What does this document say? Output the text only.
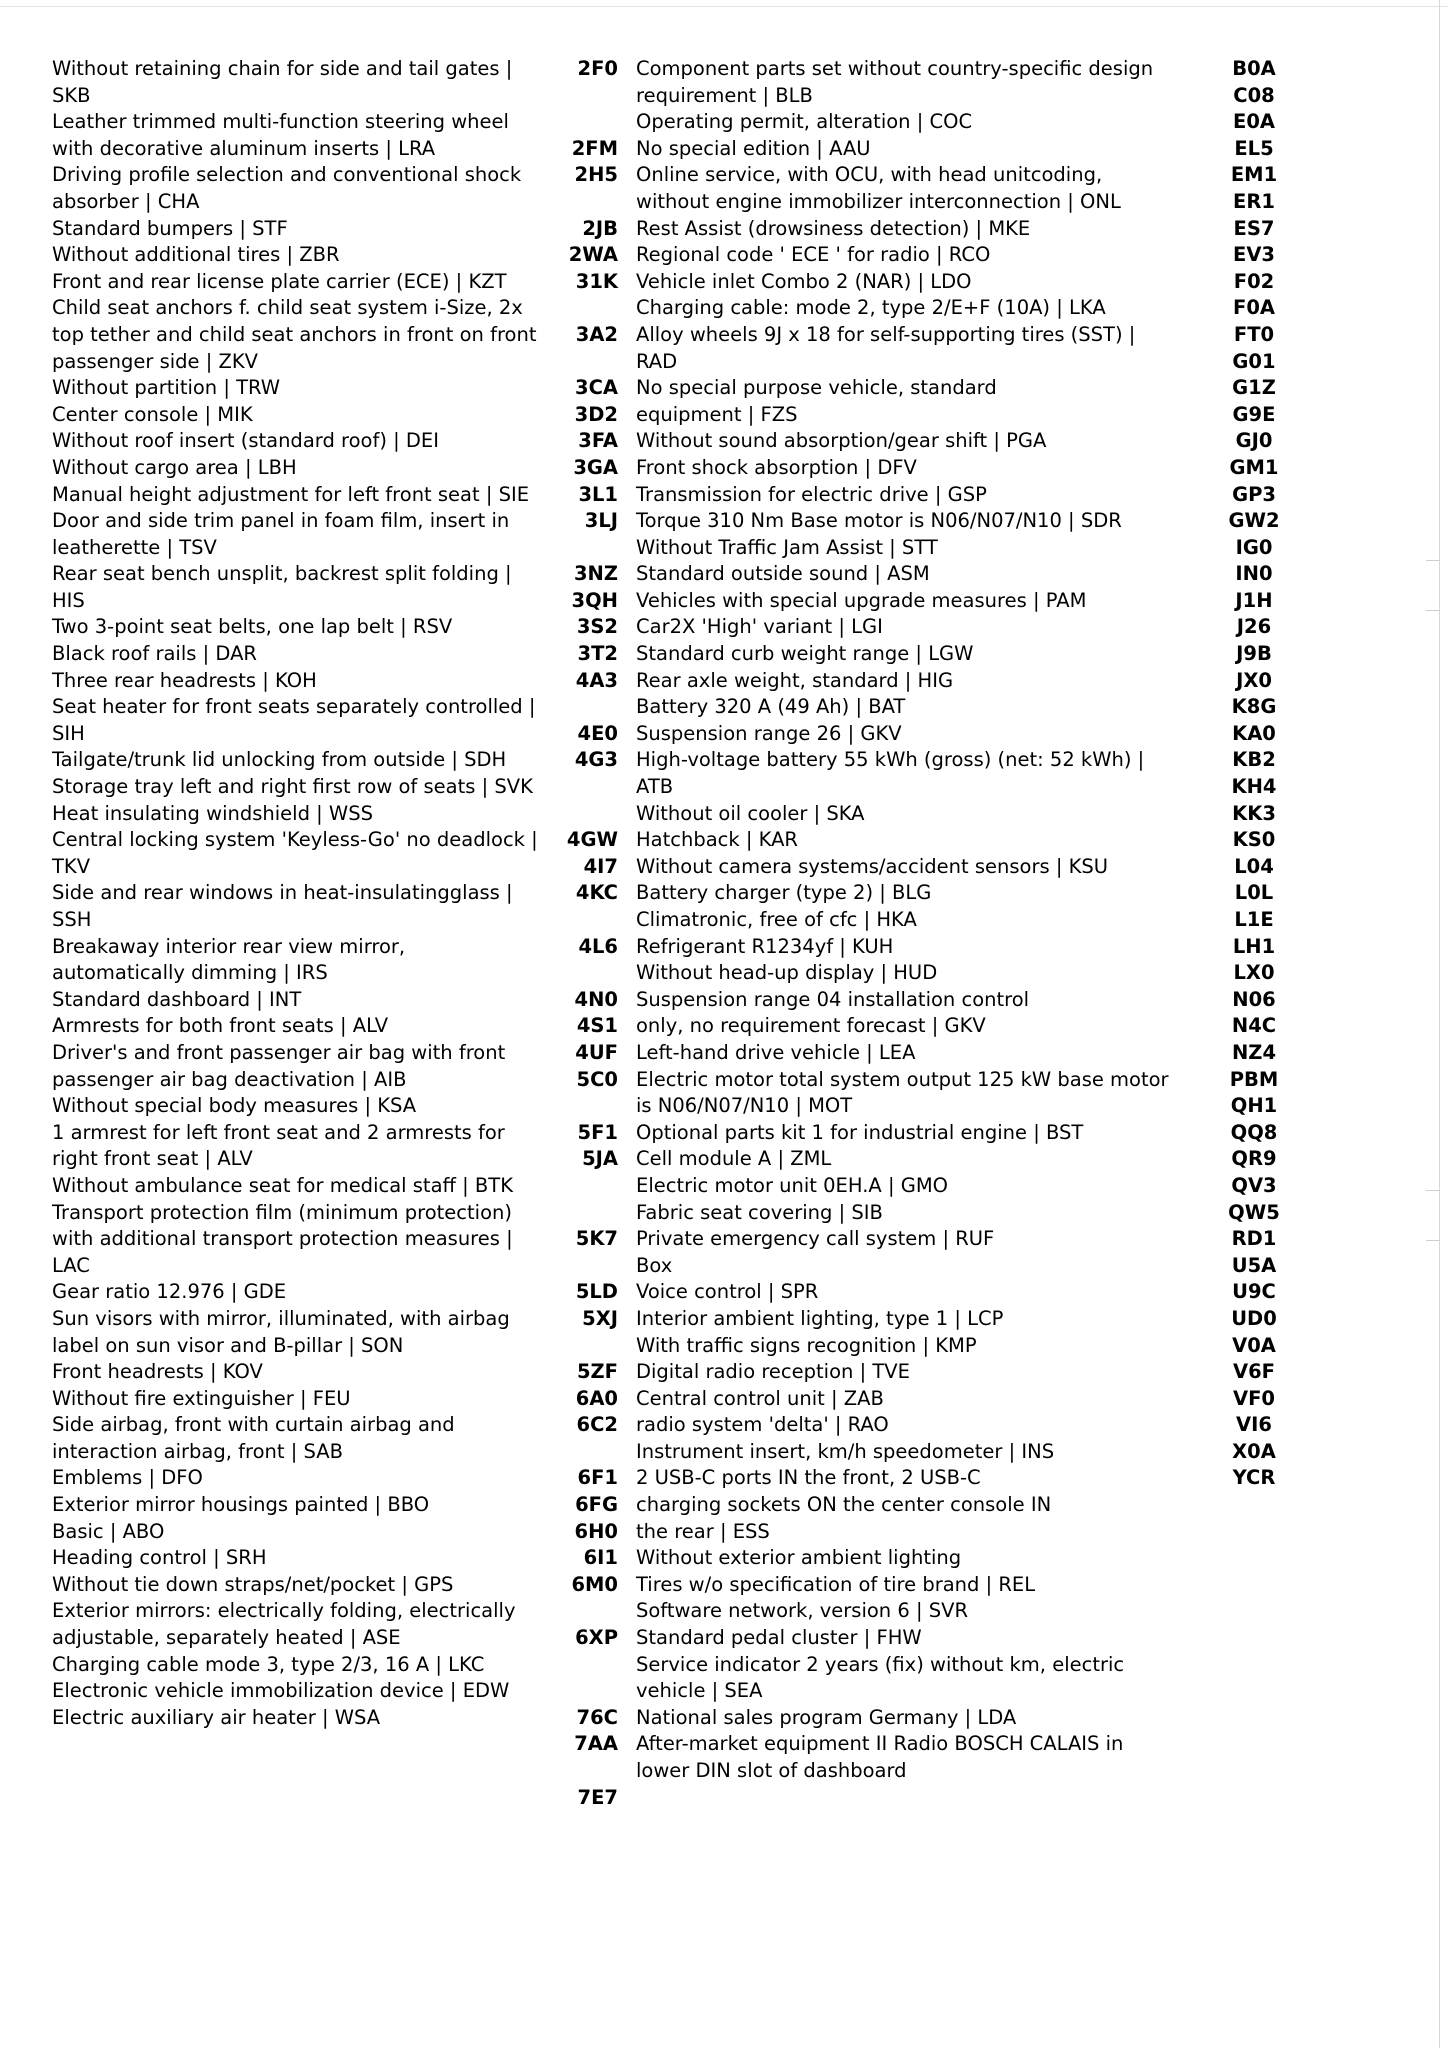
Without retaining chain for side and tail gates | SKB
Leather trimmed multi-function steering wheel with decorative aluminum inserts | LRA
Driving profile selection and conventional shock absorber | CHA
Standard bumpers | STF
Without additional tires | ZBR
Front and rear license plate carrier (ECE) | KZT
Child seat anchors f. child seat system i-Size, 2x top tether and child seat anchors in front on front passenger side | ZKV
Without partition | TRW
Center console | MIK
Without roof insert (standard roof) | DEI
Without cargo area | LBH
Manual height adjustment for left front seat | SIE
Door and side trim panel in foam film, insert in leatherette | TSV
Rear seat bench unsplit, backrest split folding | HIS
Two 3-point seat belts, one lap belt | RSV
Black roof rails | DAR
Three rear headrests | KOH
Seat heater for front seats separately controlled | SIH
Tailgate/trunk lid unlocking from outside | SDH
Storage tray left and right first row of seats | SVK
Heat insulating windshield | WSS
Central locking system 'Keyless-Go' no deadlock | TKV
Side and rear windows in heat-insulatingglass | SSH
Breakaway interior rear view mirror, automatically dimming | IRS
Standard dashboard | INT
Armrests for both front seats | ALV
Driver's and front passenger air bag with front passenger air bag deactivation | AIB
Without special body measures | KSA
1 armrest for left front seat and 2 armrests for right front seat | ALV
Without ambulance seat for medical staff | BTK
Transport protection film (minimum protection) with additional transport protection measures | LAC
Gear ratio 12.976 | GDE
Sun visors with mirror, illuminated, with airbag label on sun visor and B-pillar | SON
Front headrests | KOV
Without fire extinguisher | FEU
Side airbag, front with curtain airbag and interaction airbag, front | SAB
Emblems | DFO
Exterior mirror housings painted | BBO
Basic | ABO
Heading control | SRH
Without tie down straps/net/pocket | GPS
Exterior mirrors: electrically folding, electrically adjustable, separately heated | ASE
Charging cable mode 3, type 2/3, 16 A | LKC
Electronic vehicle immobilization device | EDW
Electric auxiliary air heater | WSA
2F0 Component parts set without country-specific design requirement | BLB
Operating permit, alteration | COC
2FM No special edition | AAU
2H5 Online service, with OCU, with head unitcoding, without engine immobilizer interconnection | ONL
2JB Rest Assist (drowsiness detection) | MKE
2WA Regional code ' ECE ' for radio | RCO
31K Vehicle inlet Combo 2 (NAR) | LDO
Charging cable: mode 2, type 2/E+F (10A) | LKA
3A2 Alloy wheels 9J x 18 for self-supporting tires (SST) | RAD
3CA No special purpose vehicle, standard
3D2 equipment | FZS
3FA Without sound absorption/gear shift | PGA
3GA Front shock absorption | DFV
3L1 Transmission for electric drive | GSP
3LJ Torque 310 Nm Base motor is N06/N07/N10 | SDR
Without Traffic Jam Assist | STT
3NZ Standard outside sound | ASM
3QH Vehicles with special upgrade measures | PAM
3S2 Car2X 'High' variant | LGI
3T2 Standard curb weight range | LGW
4A3 Rear axle weight, standard | HIG
Battery 320 A (49 Ah) | BAT
4E0 Suspension range 26 | GKV
4G3 High-voltage battery 55 kWh (gross) (net: 52 kWh) | ATB
Without oil cooler | SKA
4GW Hatchback | KAR
4I7 Without camera systems/accident sensors | KSU
4KC Battery charger (type 2) | BLG
Climatronic, free of cfc | HKA
4L6 Refrigerant R1234yf | KUH
Without head-up display | HUD
4N0 Suspension range 04 installation control
4S1 only, no requirement forecast | GKV
4UF Left-hand drive vehicle | LEA
5C0 Electric motor total system output 125 kW base motor is N06/N07/N10 | MOT
5F1 Optional parts kit 1 for industrial engine | BST
5JA Cell module A | ZML
Electric motor unit 0EH.A | GMO
Fabric seat covering | SIB
5K7 Private emergency call system | RUF
Box
5LD Voice control | SPR
5XJ Interior ambient lighting, type 1 | LCP
With traffic signs recognition | KMP
5ZF Digital radio reception | TVE
6A0 Central control unit | ZAB
6C2 radio system 'delta' | RAO
Instrument insert, km/h speedometer | INS
6F1 2 USB-C ports IN the front, 2 USB-C
6FG charging sockets ON the center console IN
6H0 the rear | ESS
6I1 Without exterior ambient lighting
6M0 Tires w/o specification of tire brand | REL
Software network, version 6 | SVR
6XP Standard pedal cluster | FHW
Service indicator 2 years (fix) without km, electric vehicle | SEA
76C National sales program Germany | LDA
7AA After-market equipment II Radio BOSCH CALAIS in lower DIN slot of dashboard
7E7
B0A
C08
E0A
EL5
EM1
ER1
ES7
EV3
F02
F0A
FT0
G01
G1Z
G9E
GJ0
GM1
GP3
GW2
IG0
IN0
J1H
J26
J9B
JX0
K8G
KA0
KB2
KH4
KK3
KS0
L04
L0L
L1E
LH1
LX0
N06
N4C
NZ4
PBM
QH1
QQ8
QR9
QV3
QW5
RD1
U5A
U9C
UD0
V0A
V6F
VF0
VI6
X0A
YCR
